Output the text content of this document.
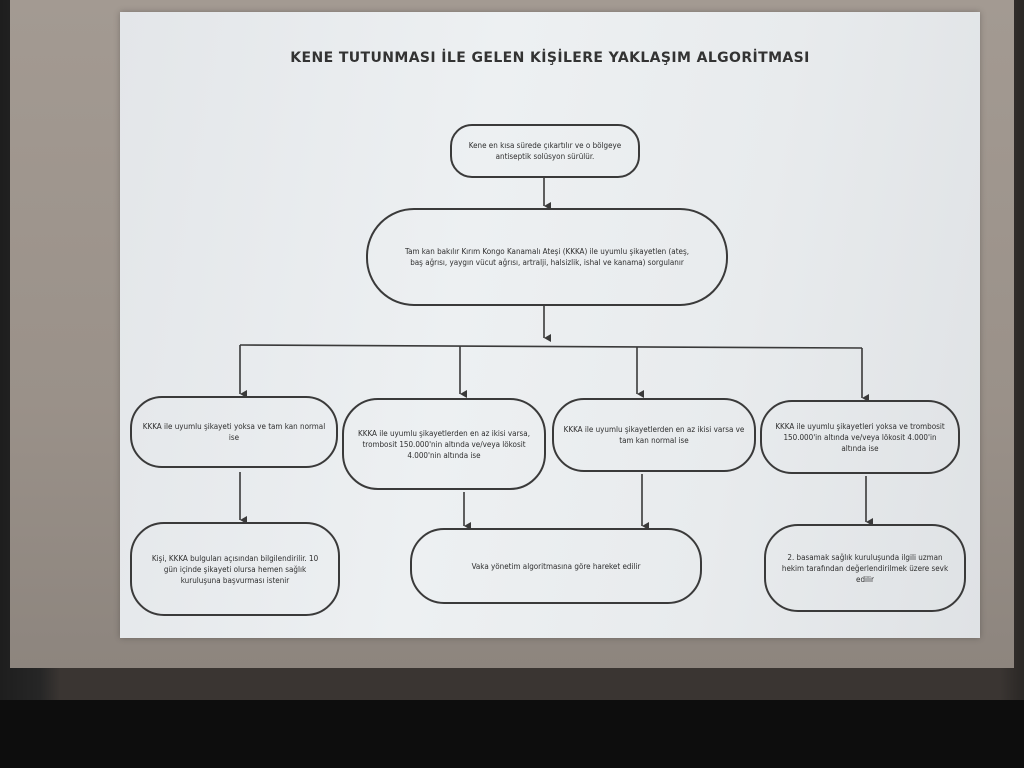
KENE TUTUNMASI İLE GELEN KİŞİLERE YAKLAŞIM ALGORİTMASI
Kene en kısa sürede çıkartılır ve o bölgeye antiseptik solüsyon sürülür.
Tam kan bakılır Kırım Kongo Kanamalı Ateşi (KKKA) ile uyumlu şikayetlen (ateş, baş ağrısı, yaygın vücut ağrısı, artralji, halsizlik, ishal ve kanama) sorgulanır
KKKA ile uyumlu şikayeti yoksa ve tam kan normal ise	KKKA ile uyumlu şikayetlerden en az ikisi varsa, trombosit 150.000'nin altında ve/veya lökosit 4.000'nin altında ise
KKKA ile uyumlu şikayetlerden en az ikisi varsa ve tam kan normal ise
KKKA ile uyumlu şikayetleri yoksa ve trombosit 150.000'in altında ve/veya lökosit 4.000'in altında ise
Kişi, KKKA bulguları açısından bilgilendirilir. 10 gün içinde şikayeti olursa hemen sağlık kuruluşuna başvurması istenir
Vaka yönetim algoritmasına göre hareket edilir
2. basamak sağlık kuruluşunda ilgili uzman hekim tarafından değerlendirilmek üzere sevk edilir
